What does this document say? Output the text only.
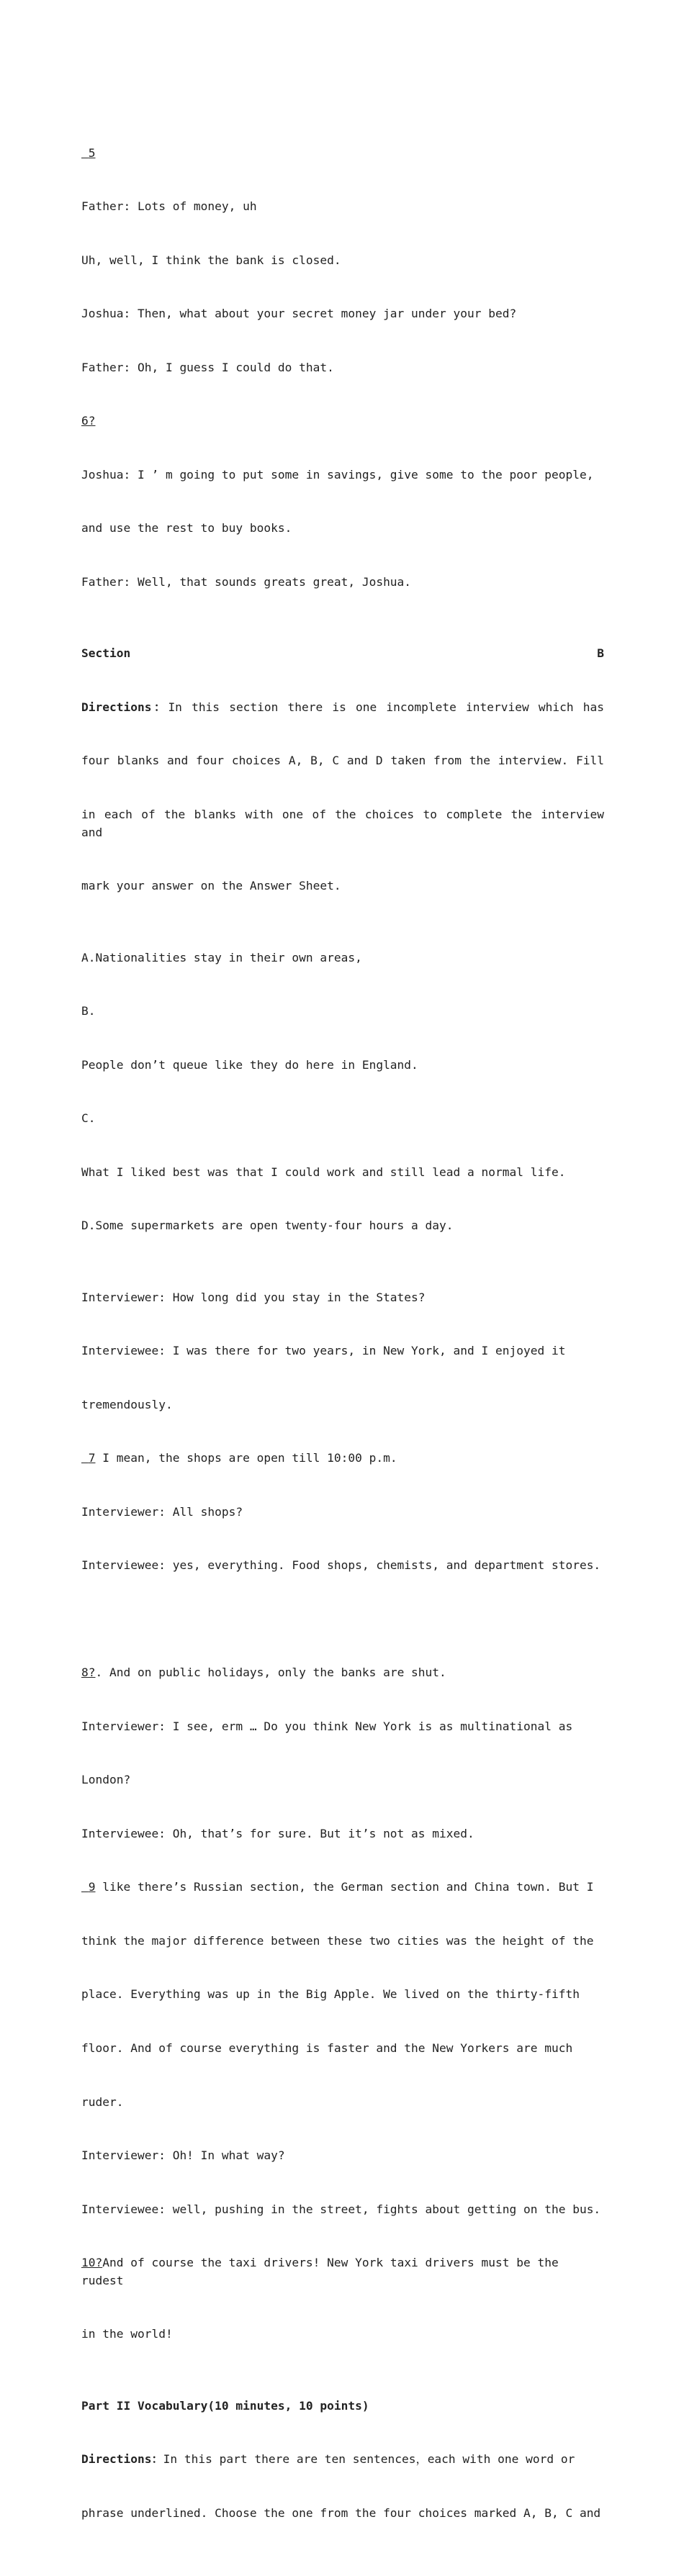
5

Father: Lots of money, uh

Uh, well, I think the bank is closed.

Joshua: Then, what about your secret money jar under your bed?

Father: Oh, I guess I could do that.

6?

Joshua: I ’ m going to put some in savings, give some to the poor people,

and use the rest to buy books.

Father: Well, that sounds greats great, Joshua.

Section	B

Directions：In this section there is one incomplete interview which has

four blanks and four choices A, B, C and D taken from the interview. Fill

in each of the blanks with one of the choices to complete the interview and

mark your answer on the Answer Sheet.

A.Nationalities stay in their own areas,

B.

People don’t queue like they do here in England.

C.

What I liked best was that I could work and still lead a normal life.

D.Some supermarkets are open twenty-four hours a day.

Interviewer: How long did you stay in the States?

Interviewee: I was there for two years, in New York, and I enjoyed it

tremendously.

7 I mean, the shops are open till 10:00 p.m.

Interviewer: All shops?

Interviewee: yes, everything. Food shops, chemists, and department stores.

8?. And on public holidays, only the banks are shut.

Interviewer: I see, erm … Do you think New York is as multinational as

London?

Interviewee: Oh, that’s for sure. But it’s not as mixed.

9 like there’s Russian section, the German section and China town. But I

think the major difference between these two cities was the height of the

place. Everything was up in the Big Apple. We lived on the thirty-fifth

floor. And of course everything is faster and the New Yorkers are much

ruder.

Interviewer: Oh! In what way?

Interviewee: well, pushing in the street, fights about getting on the bus.

10?And of course the taxi drivers! New York taxi drivers must be the rudest

in the world!

Part II Vocabulary(10 minutes, 10 points)

Directions：In this part there are ten sentences，each with one word or

phrase underlined. Choose the one from the four choices marked A, B, C and
